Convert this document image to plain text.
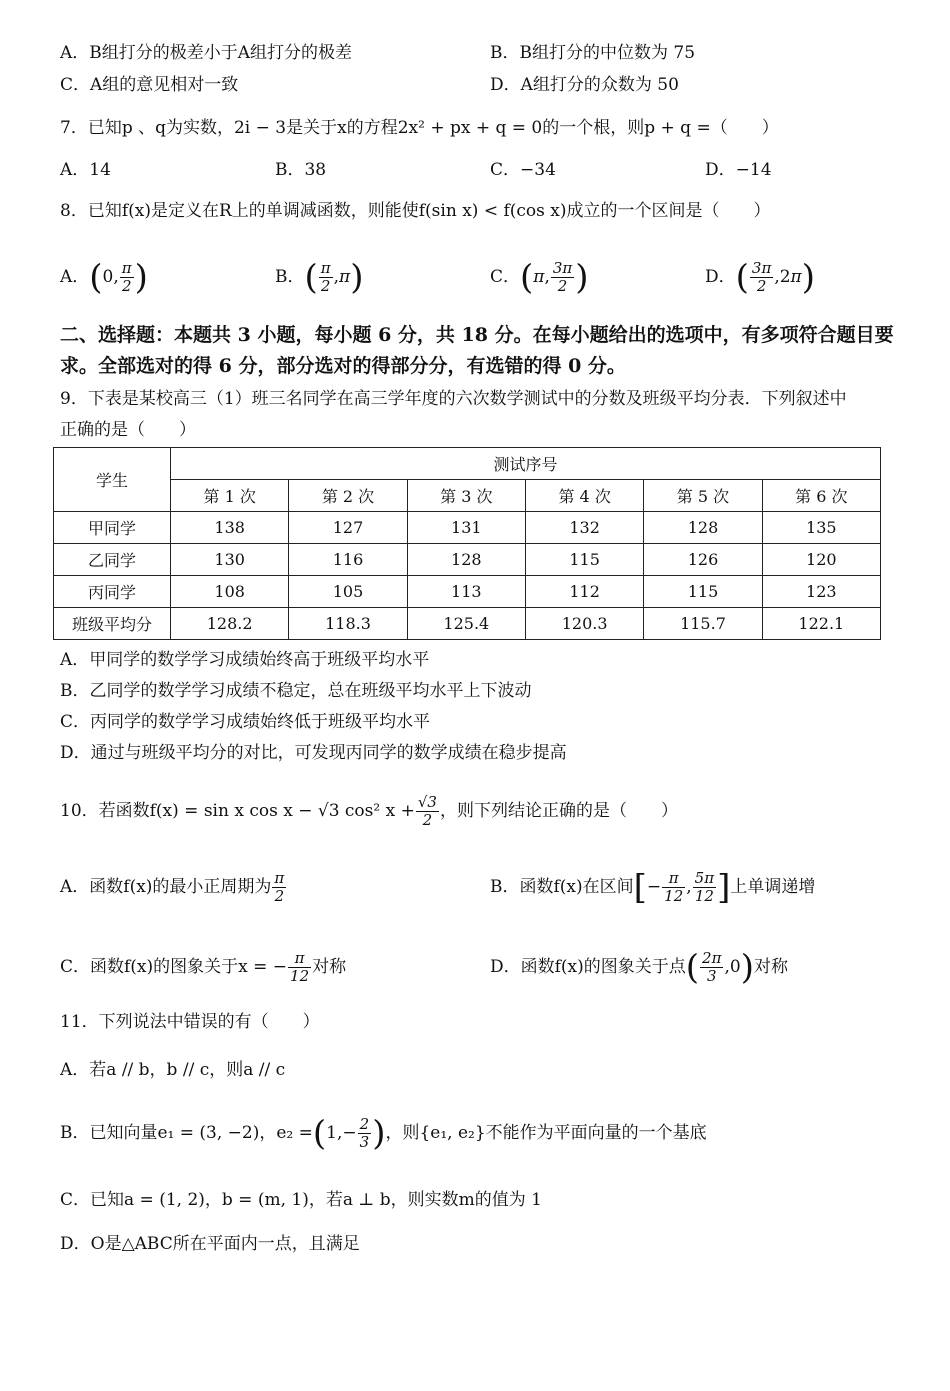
A．B组打分的极差小于A组打分的极差	B．B组打分的中位数为 75
C．A组的意见相对一致	D．A组打分的众数为 50
7．已知p 、q为实数，2i − 3是关于x的方程2x² + px + q = 0的一个根，则p + q =（　　）
A．14	B．38	C．−34	D．−14
8．已知f(x)是定义在R上的单调减函数，则能使f(sin x) < f(cos x)成立的一个区间是（　　）
A．(0, $\frac{\pi}{2}$ )	B．( $\frac{\pi}{2} ,\pi$)	C．(π, $\frac{3\pi}{2}$ )	D．( $\frac{3\pi}{2} ,2\pi$)
二、选择题：本题共 3 小题，每小题 6 分，共 18 分。在每小题给出的选项中，有多项符合题目要求。全部选对的得 6 分，部分选对的得部分分，有选错的得 0 分。
9．下表是某校高三（1）班三名同学在高三学年度的六次数学测试中的分数及班级平均分表．下列叙述中
正确的是（　　）
学生	测试序号					
	第 1 次	第 2 次	第 3 次	第 4 次	第 5 次	第 6 次
甲同学	138	127	131	132	128	135
乙同学	130	116	128	115	126	120
丙同学	108	105	113	112	115	123
班级平均分	128.2	118.3	125.4	120.3	115.7	122.1
A．甲同学的数学学习成绩始终高于班级平均水平
B．乙同学的数学学习成绩不稳定，总在班级平均水平上下波动
C．丙同学的数学学习成绩始终低于班级平均水平
D．通过与班级平均分的对比，可发现丙同学的数学成绩在稳步提高
10．若函数f(x) = sin x cos x − √3 cos² $x + \frac{√3}{2}$ ，则下列结论正确的是（　　）
A．函数f(x)的最小正周期为 $\frac{\pi}{2}$	B．函数f(x)在区间[− $\frac{\pi}{12}$ , $\frac{5\pi}{12}$ ]上单调递增
C．函数f(x)的图象关于x = − $\frac{\pi}{12}$ 对称	D．函数f(x)的图象关于点( $\frac{2\pi}{3} ,0$)对称
11．下列说法中错误的有（　　）
A．若a // b，b // c，则a // c
B．已知向量e₁ = (3, −2)，$e_2 =(1,- \frac{2}{3}$ )，则{e₁, e₂}不能作为平面向量的一个基底
C．已知a = (1, 2)，b = (m, 1)，若a ⊥ b，则实数m的值为 1
D．O是△ABC所在平面内一点，且满足
